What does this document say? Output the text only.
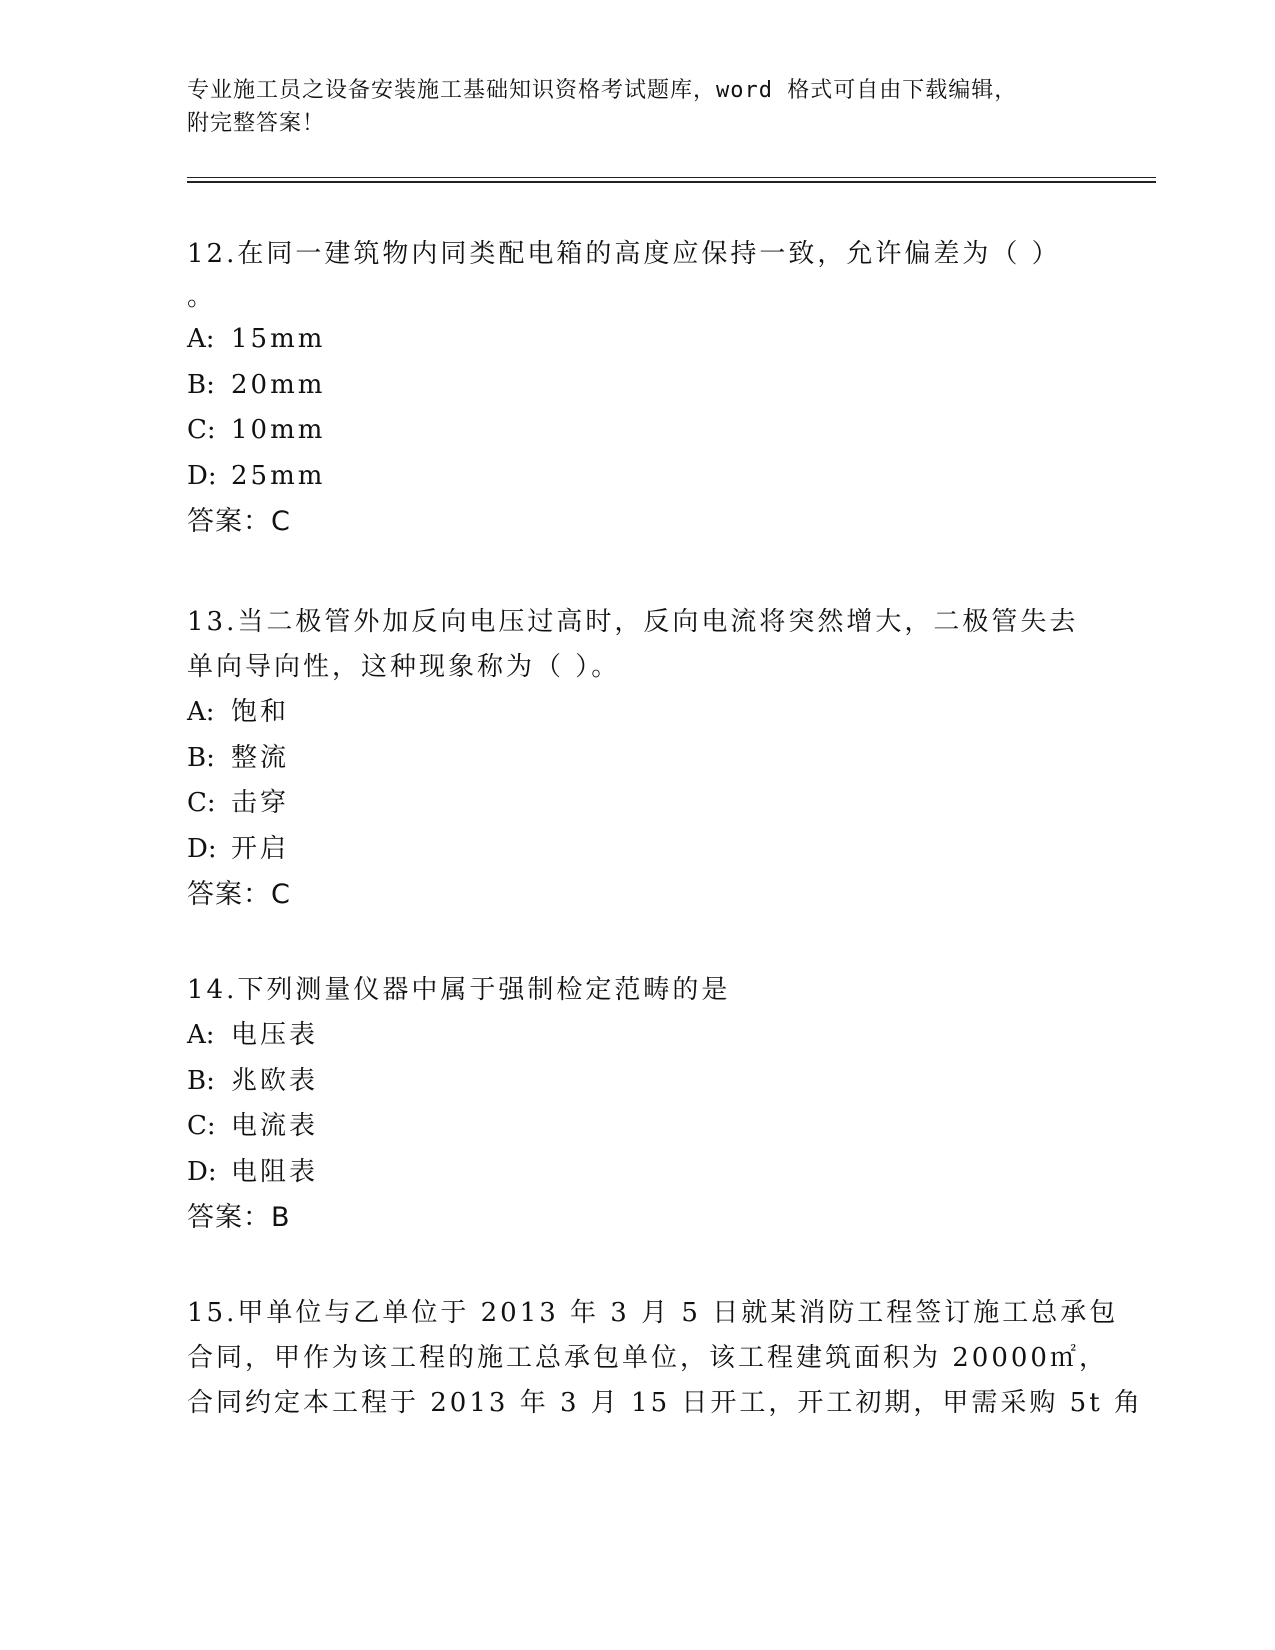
专业施工员之设备安装施工基础知识资格考试题库，word 格式可自由下载编辑，
附完整答案！
12.在同一建筑物内同类配电箱的高度应保持一致，允许偏差为（ ）
。
A: 15mm
B: 20mm
C: 10mm
D: 25mm
答案：C
13.当二极管外加反向电压过高时，反向电流将突然增大，二极管失去
单向导向性，这种现象称为（ ）。
A: 饱和
B: 整流
C: 击穿
D: 开启
答案：C
14.下列测量仪器中属于强制检定范畴的是
A: 电压表
B: 兆欧表
C: 电流表
D: 电阻表
答案：B
15.甲单位与乙单位于 2013 年 3 月 5 日就某消防工程签订施工总承包
合同，甲作为该工程的施工总承包单位，该工程建筑面积为 20000㎡，
合同约定本工程于 2013 年 3 月 15 日开工，开工初期，甲需采购 5t 角
